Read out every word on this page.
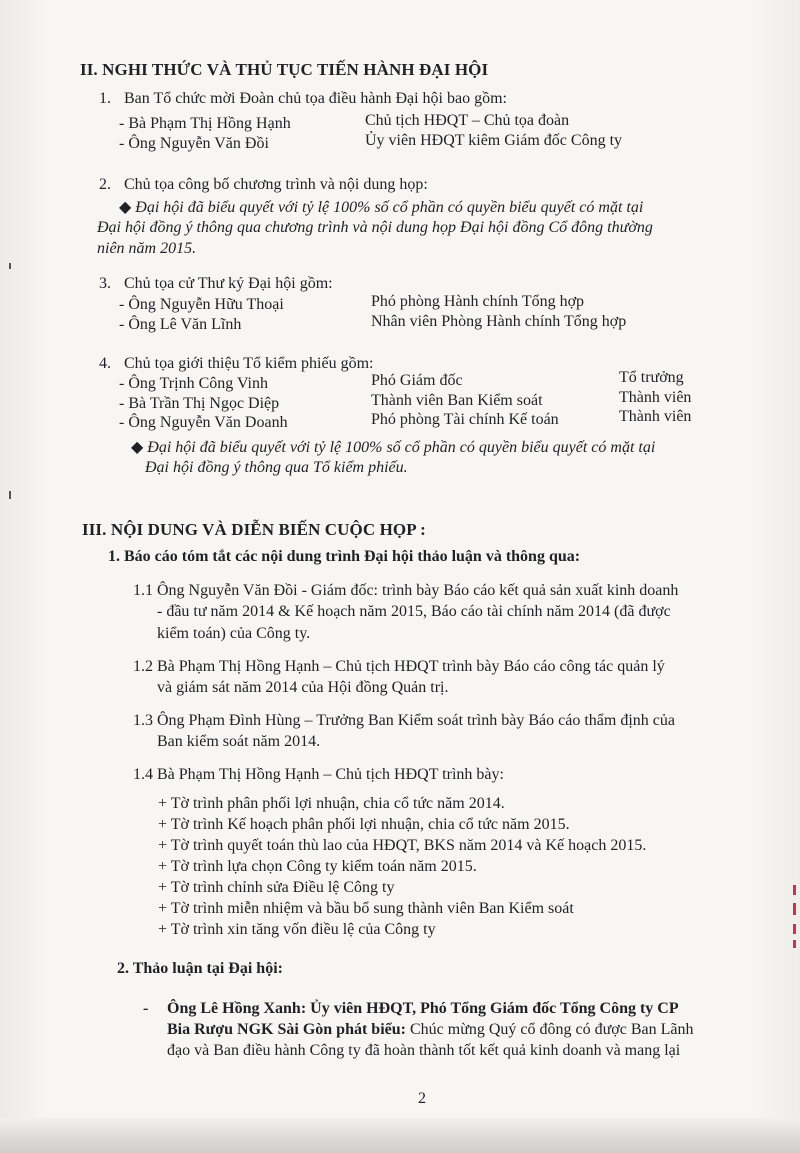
II. NGHI THỨC VÀ THỦ TỤC TIẾN HÀNH ĐẠI HỘI
1. Ban Tổ chức mời Đoàn chủ tọa điều hành Đại hội bao gồm:
- Bà Phạm Thị Hồng Hạnh	Chủ tịch HĐQT – Chủ tọa đoàn
- Ông Nguyễn Văn Đồi	Ủy viên HĐQT kiêm Giám đốc Công ty
2. Chủ tọa công bố chương trình và nội dung họp:
◆ Đại hội đã biểu quyết với tỷ lệ 100% số cổ phần có quyền biểu quyết có mặt tại
Đại hội đồng ý thông qua chương trình và nội dung họp Đại hội đồng Cổ đông thường
niên năm 2015.
3. Chủ tọa cử Thư ký Đại hội gồm:
- Ông Nguyễn Hữu Thoại	Phó phòng Hành chính Tổng hợp
- Ông Lê Văn Lĩnh	Nhân viên Phòng Hành chính Tổng hợp
4. Chủ tọa giới thiệu Tổ kiểm phiếu gồm:
- Ông Trịnh Công Vinh	Phó Giám đốc	Tổ trưởng
- Bà Trần Thị Ngọc Diệp	Thành viên Ban Kiểm soát	Thành viên
- Ông Nguyễn Văn Doanh	Phó phòng Tài chính Kế toán	Thành viên
◆ Đại hội đã biểu quyết với tỷ lệ 100% số cổ phần có quyền biểu quyết có mặt tại
Đại hội đồng ý thông qua Tổ kiểm phiếu.
III. NỘI DUNG VÀ DIỄN BIẾN CUỘC HỌP :
1. Báo cáo tóm tắt các nội dung trình Đại hội thảo luận và thông qua:
1.1 Ông Nguyễn Văn Đồi - Giám đốc: trình bày Báo cáo kết quả sản xuất kinh doanh
- đầu tư năm 2014 & Kế hoạch năm 2015, Báo cáo tài chính năm 2014 (đã được
kiểm toán) của Công ty.
1.2 Bà Phạm Thị Hồng Hạnh – Chủ tịch HĐQT trình bày Báo cáo công tác quản lý
và giám sát năm 2014 của Hội đồng Quản trị.
1.3 Ông Phạm Đình Hùng – Trưởng Ban Kiểm soát trình bày Báo cáo thẩm định của
Ban kiểm soát năm 2014.
1.4 Bà Phạm Thị Hồng Hạnh – Chủ tịch HĐQT trình bày:
+ Tờ trình phân phối lợi nhuận, chia cổ tức năm 2014.
+ Tờ trình Kế hoạch phân phối lợi nhuận, chia cổ tức năm 2015.
+ Tờ trình quyết toán thù lao của HĐQT, BKS năm 2014 và Kế hoạch 2015.
+ Tờ trình lựa chọn Công ty kiểm toán năm 2015.
+ Tờ trình chỉnh sửa Điều lệ Công ty
+ Tờ trình miễn nhiệm và bầu bổ sung thành viên Ban Kiểm soát
+ Tờ trình xin tăng vốn điều lệ của Công ty
2. Thảo luận tại Đại hội:
- Ông Lê Hồng Xanh: Ủy viên HĐQT, Phó Tổng Giám đốc Tổng Công ty CP
Bia Rượu NGK Sài Gòn phát biểu: Chúc mừng Quý cổ đông có được Ban Lãnh
đạo và Ban điều hành Công ty đã hoàn thành tốt kết quả kinh doanh và mang lại
2
